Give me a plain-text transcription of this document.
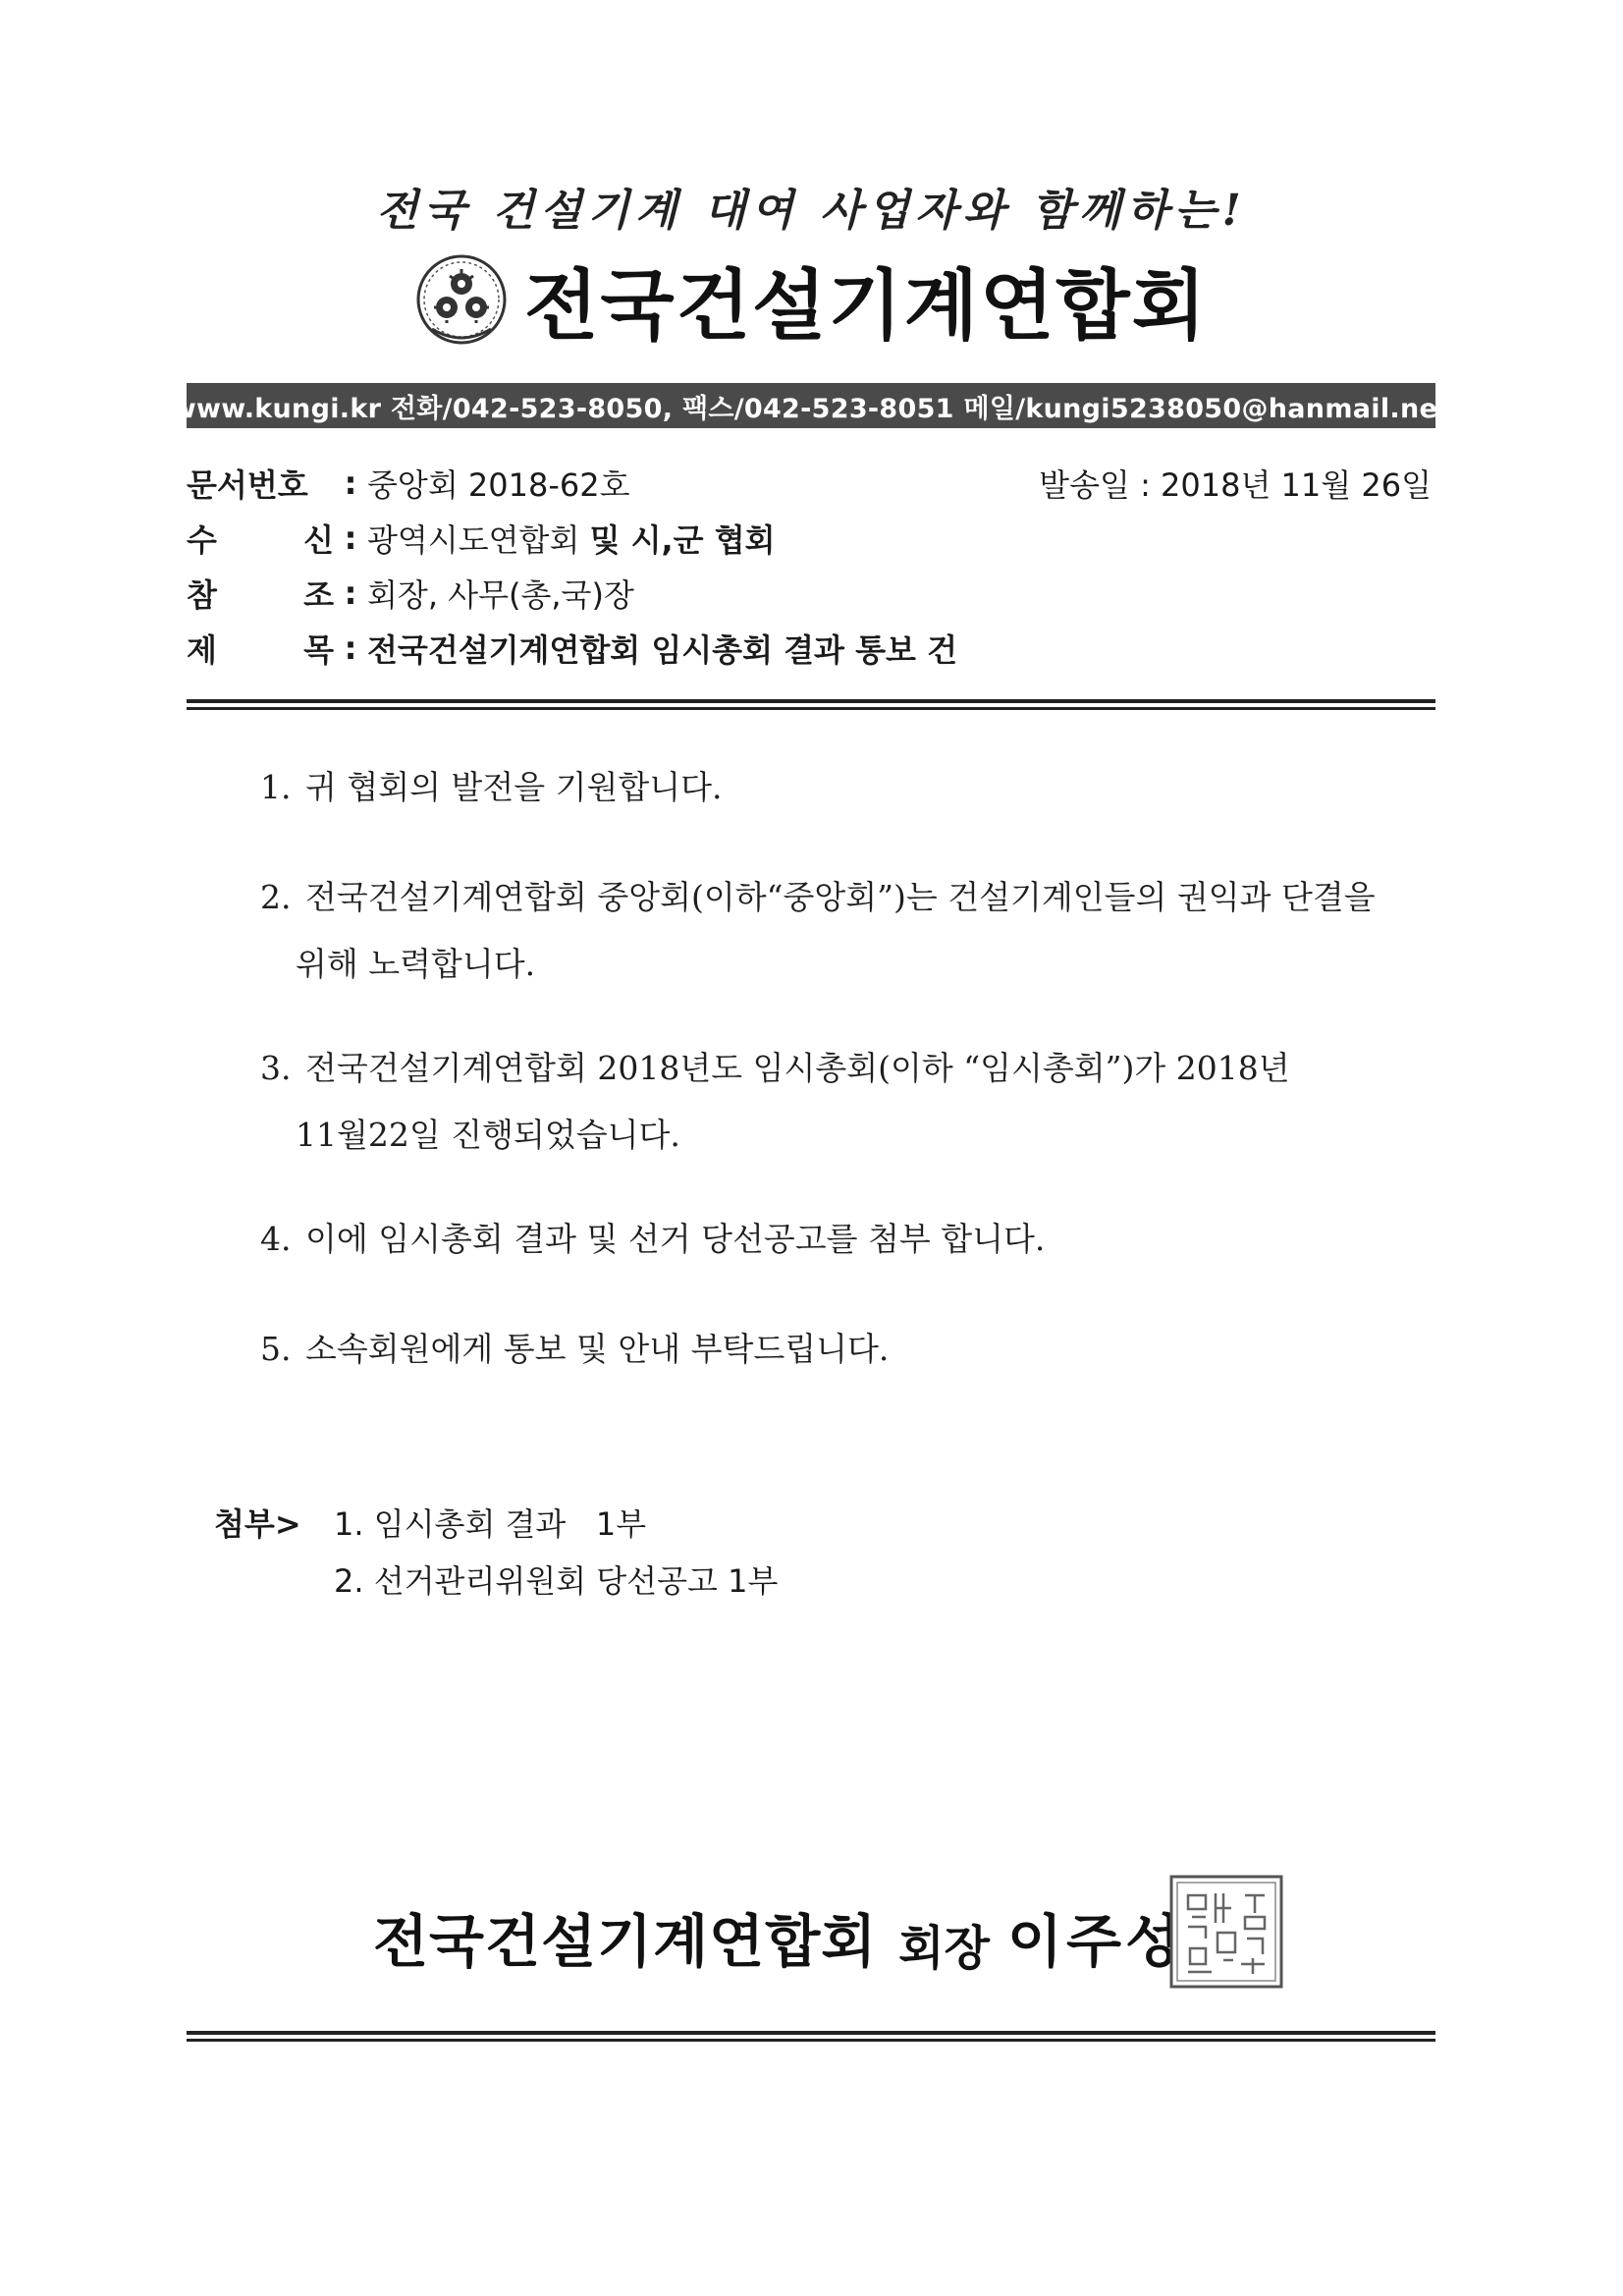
전국 건설기계 대여 사업자와 함께하는!
전국건설기계연합회
www.kungi.kr 전화/042-523-8050, 팩스/042-523-8051 메일/kungi5238050@hanmail.net
문서번호	: 중앙회 2018-62호	발송일 : 2018년 11월 26일
수	신 : 광역시도연합회 및 시,군 협회
참	조 : 회장, 사무(총,국)장
제	목 : 전국건설기계연합회 임시총회 결과 통보 건
1. 귀 협회의 발전을 기원합니다.
2. 전국건설기계연합회 중앙회(이하“중앙회”)는 건설기계인들의 권익과 단결을
위해 노력합니다.
3. 전국건설기계연합회 2018년도 임시총회(이하 “임시총회”)가 2018년
11월22일 진행되었습니다.
4. 이에 임시총회 결과 및 선거 당선공고를 첨부 합니다.
5. 소속회원에게 통보 및 안내 부탁드립니다.
첨부> 1. 임시총회 결과   1부
2. 선거관리위원회 당선공고 1부
전국건설기계연합회 회장 이주성
